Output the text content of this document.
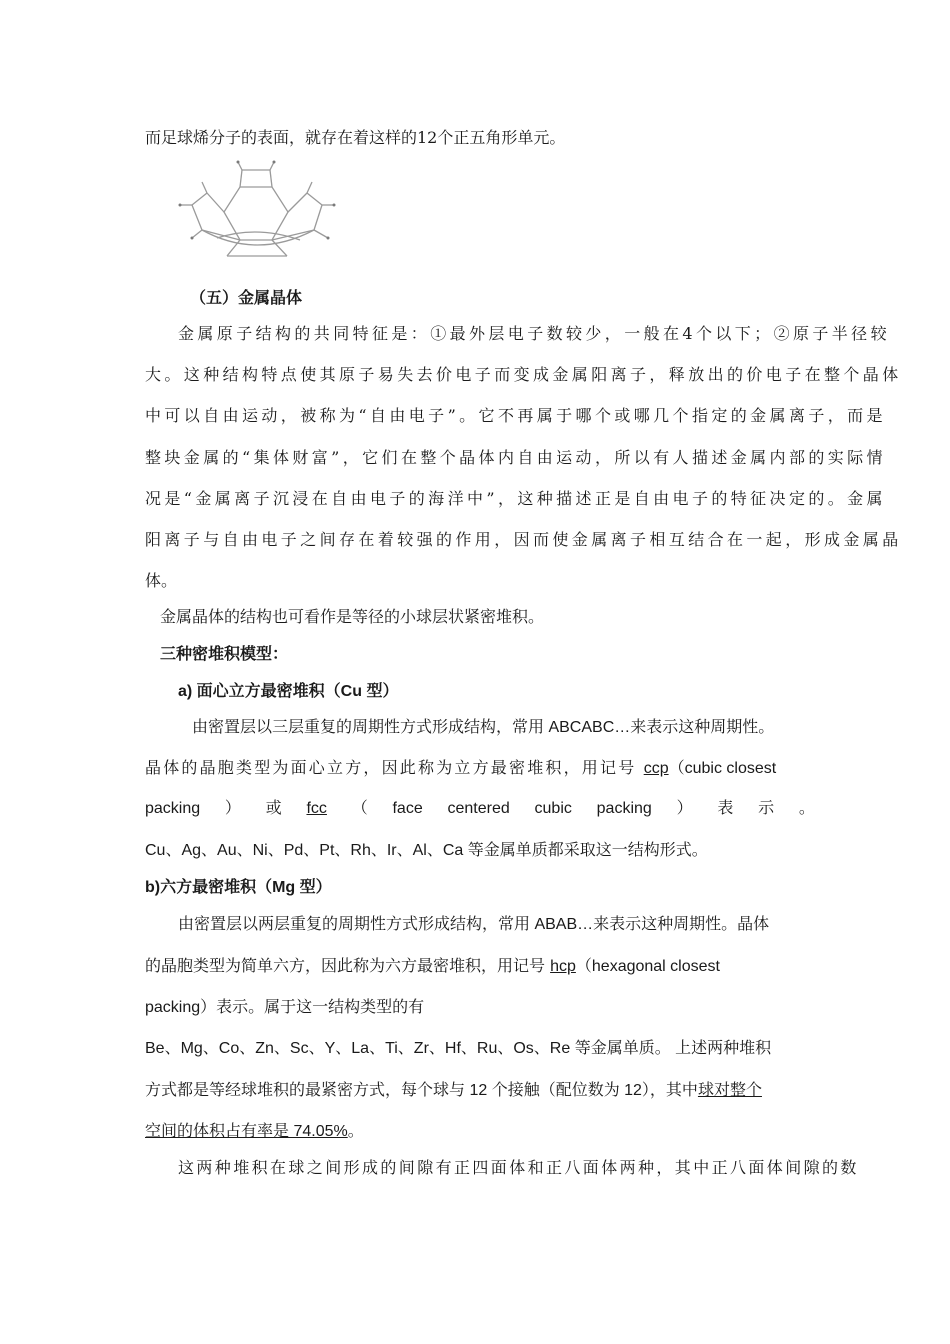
而足球烯分子的表面，就存在着这样的12个正五角形单元。
（五）金属晶体
金属原子结构的共同特征是：①最外层电子数较少，一般在4个以下；②原子半径较
大。这种结构特点使其原子易失去价电子而变成金属阳离子，释放出的价电子在整个晶体
中可以自由运动，被称为“自由电子”。它不再属于哪个或哪几个指定的金属离子，而是
整块金属的“集体财富”，它们在整个晶体内自由运动，所以有人描述金属内部的实际情
况是“金属离子沉浸在自由电子的海洋中”，这种描述正是自由电子的特征决定的。金属
阳离子与自由电子之间存在着较强的作用，因而使金属离子相互结合在一起，形成金属晶
体。
金属晶体的结构也可看作是等径的小球层状紧密堆积。
三种密堆积模型：
a) 面心立方最密堆积（Cu 型）
由密置层以三层重复的周期性方式形成结构，常用 ABCABC…来表示这种周期性。
晶体的晶胞类型为面心立方，因此称为立方最密堆积，用记号 ccp（cubic closest
packing ） 或 fcc （ face centered cubic packing ） 表 示 。
Cu、Ag、Au、Ni、Pd、Pt、Rh、Ir、Al、Ca 等金属单质都采取这一结构形式。
b)六方最密堆积（Mg 型）
由密置层以两层重复的周期性方式形成结构，常用 ABAB…来表示这种周期性。晶体
的晶胞类型为简单六方，因此称为六方最密堆积，用记号 hcp（hexagonal closest
packing）表示。属于这一结构类型的有
Be、Mg、Co、Zn、Sc、Y、La、Ti、Zr、Hf、Ru、Os、Re 等金属单质。 上述两种堆积
方式都是等经球堆积的最紧密方式，每个球与 12 个接触（配位数为 12），其中球对整个
空间的体积占有率是 74.05%。
这两种堆积在球之间形成的间隙有正四面体和正八面体两种，其中正八面体间隙的数
